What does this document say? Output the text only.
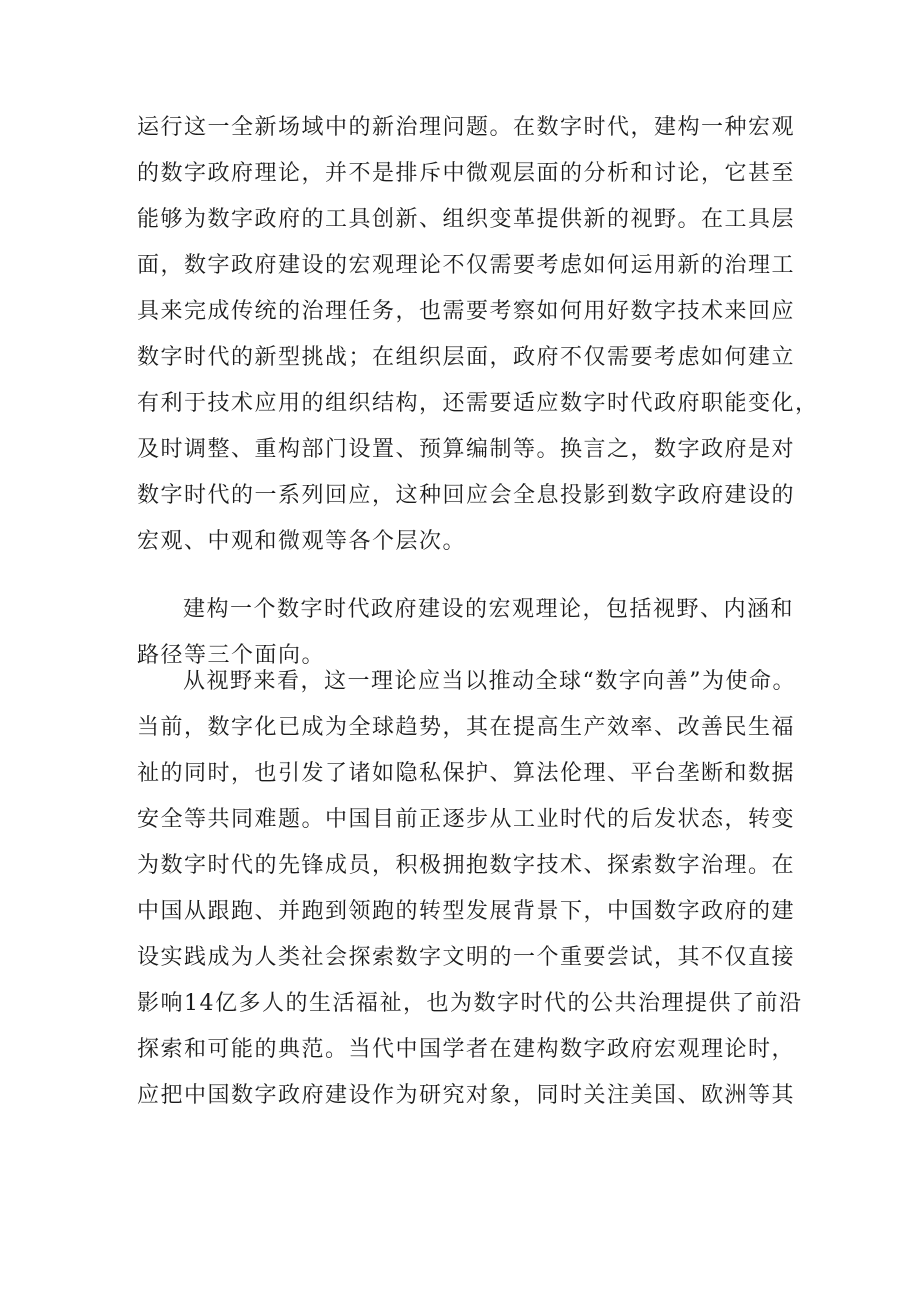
运行这一全新场域中的新治理问题。在数字时代，建构一种宏观
的数字政府理论，并不是排斥中微观层面的分析和讨论，它甚至
能够为数字政府的工具创新、组织变革提供新的视野。在工具层
面，数字政府建设的宏观理论不仅需要考虑如何运用新的治理工
具来完成传统的治理任务，也需要考察如何用好数字技术来回应
数字时代的新型挑战；在组织层面，政府不仅需要考虑如何建立
有利于技术应用的组织结构，还需要适应数字时代政府职能变化，
及时调整、重构部门设置、预算编制等。换言之，数字政府是对
数字时代的一系列回应，这种回应会全息投影到数字政府建设的
宏观、中观和微观等各个层次。
建构一个数字时代政府建设的宏观理论，包括视野、内涵和
路径等三个面向。
从视野来看，这一理论应当以推动全球“数字向善”为使命。
当前，数字化已成为全球趋势，其在提高生产效率、改善民生福
祉的同时，也引发了诸如隐私保护、算法伦理、平台垄断和数据
安全等共同难题。中国目前正逐步从工业时代的后发状态，转变
为数字时代的先锋成员，积极拥抱数字技术、探索数字治理。在
中国从跟跑、并跑到领跑的转型发展背景下，中国数字政府的建
设实践成为人类社会探索数字文明的一个重要尝试，其不仅直接
影响14亿多人的生活福祉，也为数字时代的公共治理提供了前沿
探索和可能的典范。当代中国学者在建构数字政府宏观理论时，
应把中国数字政府建设作为研究对象，同时关注美国、欧洲等其
